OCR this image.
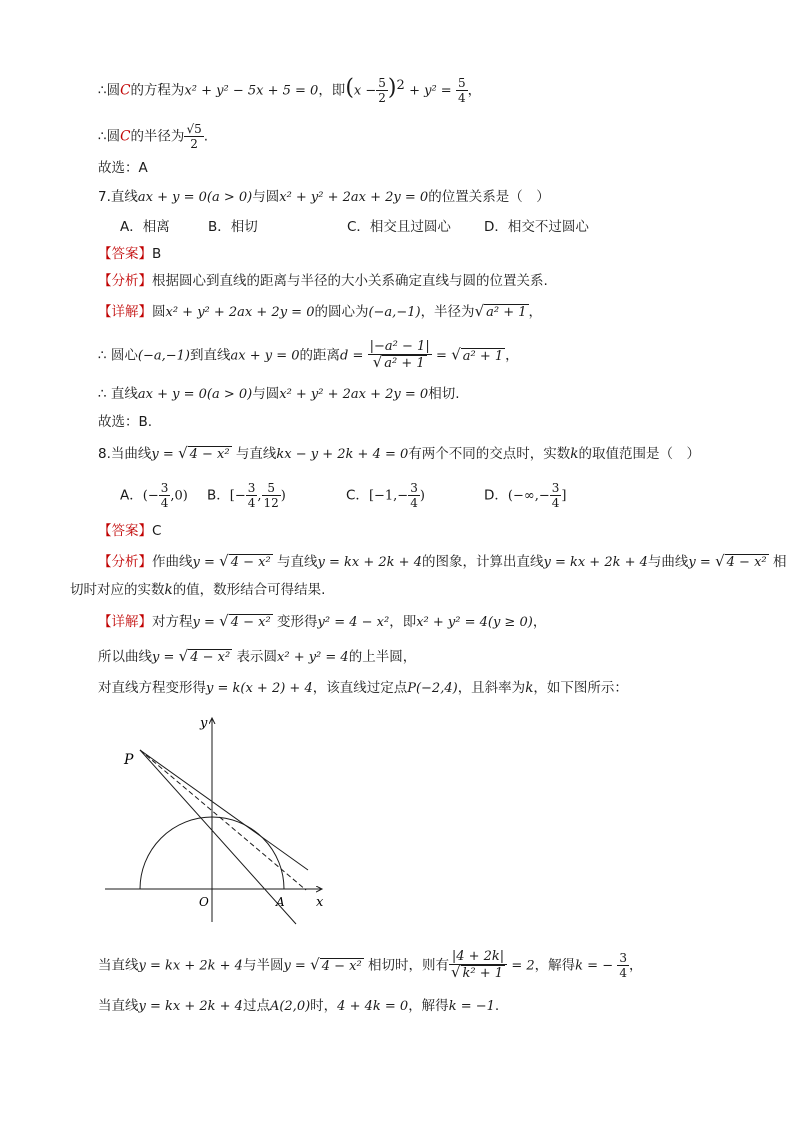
∴圆C的方程为x² + y² − 5x + 5 = 0，即$(x - \frac{5}{2} )^2 + y^2 = \frac{5}{4}$ ，
∴圆C的半径为 $\frac{√5}{2}$ .
故选：A
7.直线ax + y = 0(a > 0)与圆x² + y² + 2ax + 2y = 0的位置关系是（　）
A．相离	B．相切	C．相交且过圆心 D．相交不过圆心
【答案】B
【分析】根据圆心到直线的距离与半径的大小关系确定直线与圆的位置关系.
【详解】圆x² + y² + 2ax + 2y = 0的圆心为(−a,−1)，半径为√ a² + 1 ，
∴ 圆心(−a,−1)到直线ax + y = 0的距离$d = \frac{\text{|−a² − 1|}}{\text{√ a² + 1}}$ = √ a² + 1 ，
∴ 直线ax + y = 0(a > 0)与圆x² + y² + 2ax + 2y = 0相切.
故选：B.
8.当曲线y = √ 4 − x² 与直线kx − y + 2k + 4 = 0有两个不同的交点时，实数k的取值范围是（　）
A．(− $\frac{3}{4} ,0$) B．[− $\frac{3}{4}$ , $\frac{5}{12}$ )	C．[$-1,- \frac{3}{4}$ )	D．(−∞,− $\frac{3}{4}$ ]
【答案】C
【分析】作曲线y = √ 4 − x² 与直线y = kx + 2k + 4的图象，计算出直线y = kx + 2k + 4与曲线y = √ 4 − x² 相
切时对应的实数k的值，数形结合可得结果.
【详解】对方程y = √ 4 − x² 变形得y² = 4 − x²，即x² + y² = 4(y ≥ 0)，
所以曲线y = √ 4 − x² 表示圆x² + y² = 4的上半圆，
对直线方程变形得y = k(x + 2) + 4，该直线过定点P(−2,4)，且斜率为k，如下图所示：
y
x
P
O	A
当直线y = kx + 2k + 4与半圆y = √ 4 − x² 相切时，则有 $\frac{|4 + 2k|}{\text{√ k² + 1}} = 2$，解得k = − $\frac{3}{4}$ ，
当直线y = kx + 2k + 4过点A(2,0)时，4 + 4k = 0，解得k = −1.
